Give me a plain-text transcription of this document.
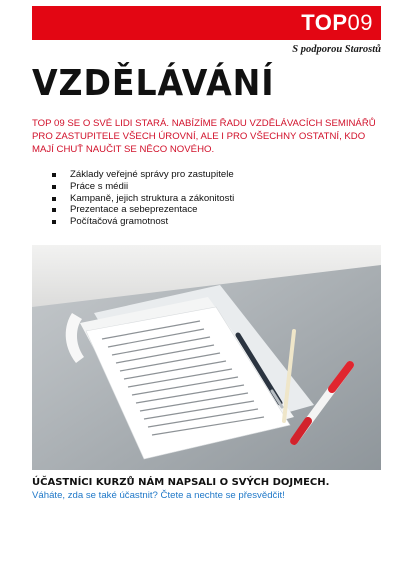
TOP09
S podporou Starostů
VZDĚLÁVÁNÍ

TOP 09 SE O SVÉ LIDI STARÁ. NABÍZÍME ŘADU VZDĚLÁVACÍCH SEMINÁŘŮ PRO ZASTUPITELE VŠECH ÚROVNÍ, ALE I PRO VŠECHNY OSTATNÍ, KDO MAJÍ CHUŤ NAUČIT SE NĚCO NOVÉHO.

Základy veřejné správy pro zastupitele
Práce s médii
Kampaně, jejich struktura a zákonitosti
Prezentace a sebeprezentace
Počítačová gramotnost

ÚČASTNÍCI KURZŮ NÁM NAPSALI O SVÝCH DOJMECH.

Váháte, zda se také účastnit? Čtete a nechte se přesvědčit!
